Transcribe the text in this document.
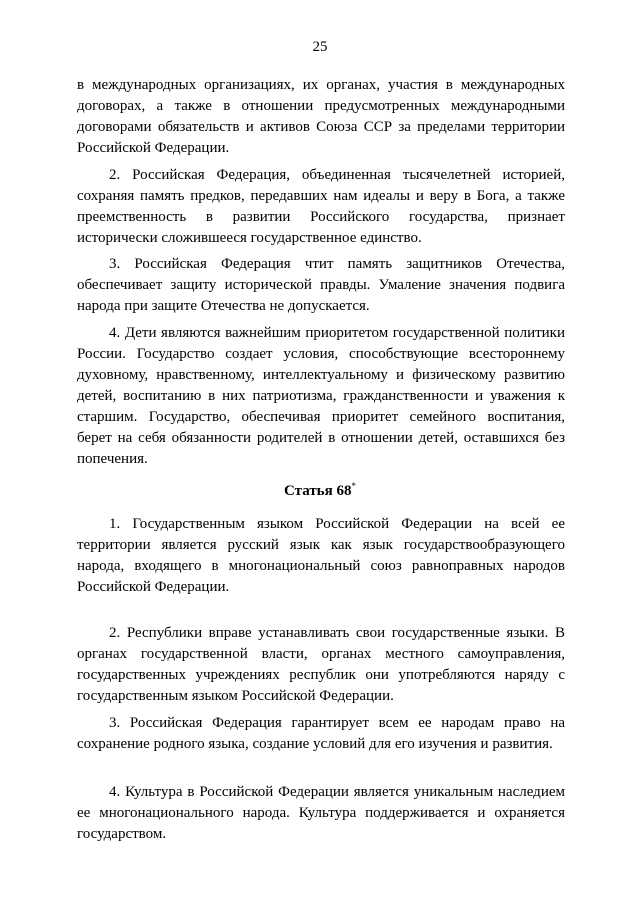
25

в международных организациях, их органах, участия в международных договорах, а также в отношении предусмотренных международными договорами обязательств и активов Союза ССР за пределами территории Российской Федерации.

2. Российская Федерация, объединенная тысячелетней историей, сохраняя память предков, передавших нам идеалы и веру в Бога, а также преемственность в развитии Российского государства, признает исторически сложившееся государственное единство.

3. Российская Федерация чтит память защитников Отечества, обеспечивает защиту исторической правды. Умаление значения подвига народа при защите Отечества не допускается.

4. Дети являются важнейшим приоритетом государственной политики России. Государство создает условия, способствующие всестороннему духовному, нравственному, интеллектуальному и физическому развитию детей, воспитанию в них патриотизма, гражданственности и уважения к старшим. Государство, обеспечивая приоритет семейного воспитания, берет на себя обязанности родителей в отношении детей, оставшихся без попечения.

Статья 68*

1. Государственным языком Российской Федерации на всей ее территории является русский язык как язык государствообразующего народа, входящего в многонациональный союз равноправных народов Российской Федерации.

2. Республики вправе устанавливать свои государственные языки. В органах государственной власти, органах местного самоуправления, государственных учреждениях республик они употребляются наряду с государственным языком Российской Федерации.

3. Российская Федерация гарантирует всем ее народам право на сохранение родного языка, создание условий для его изучения и развития.

4. Культура в Российской Федерации является уникальным наследием ее многонационального народа. Культура поддерживается и охраняется государством.
